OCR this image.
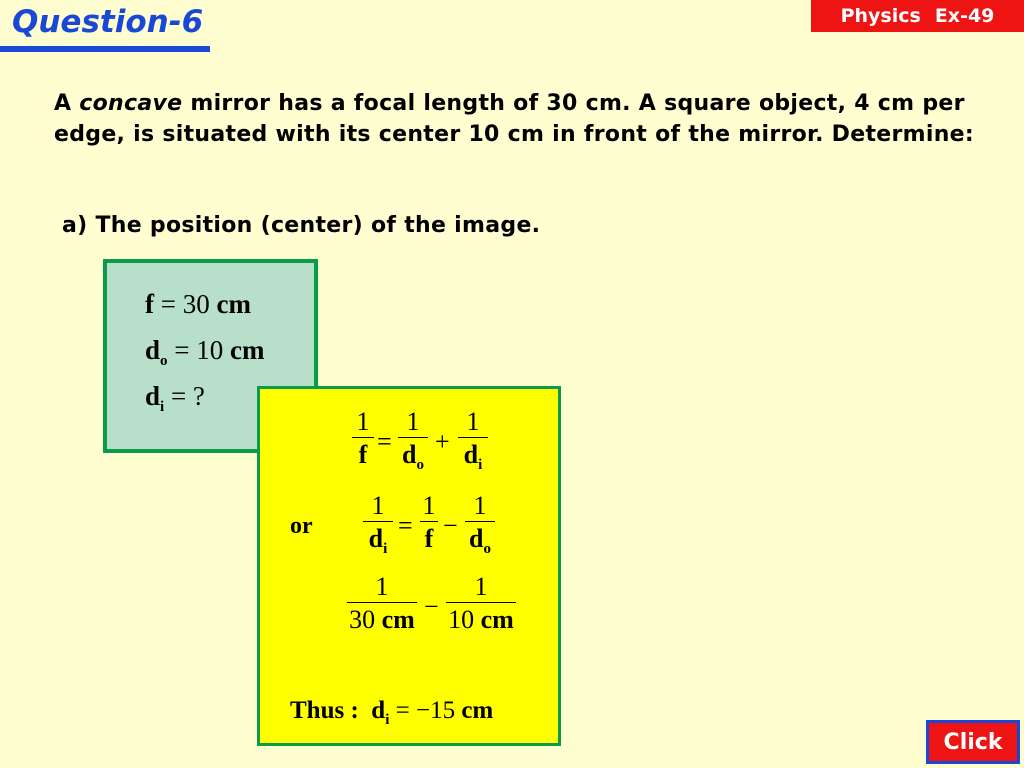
Question-6	Physics Ex-49
A concave mirror has a focal length of 30 cm. A square object, 4 cm per edge, is situated with its center 10 cm in front of the mirror. Determine:
a) The position (center) of the image.
f = 30 cm
$d_o = 10$ cm
$d_i$ = ?
1
f =
1
$d_o$
+
1
$d_i$
or
1
$d_i$
=
1
f −
1
$d_o$
1
30 cm −
1
10 cm
Thus : $d_i = -15$ cm
Click
